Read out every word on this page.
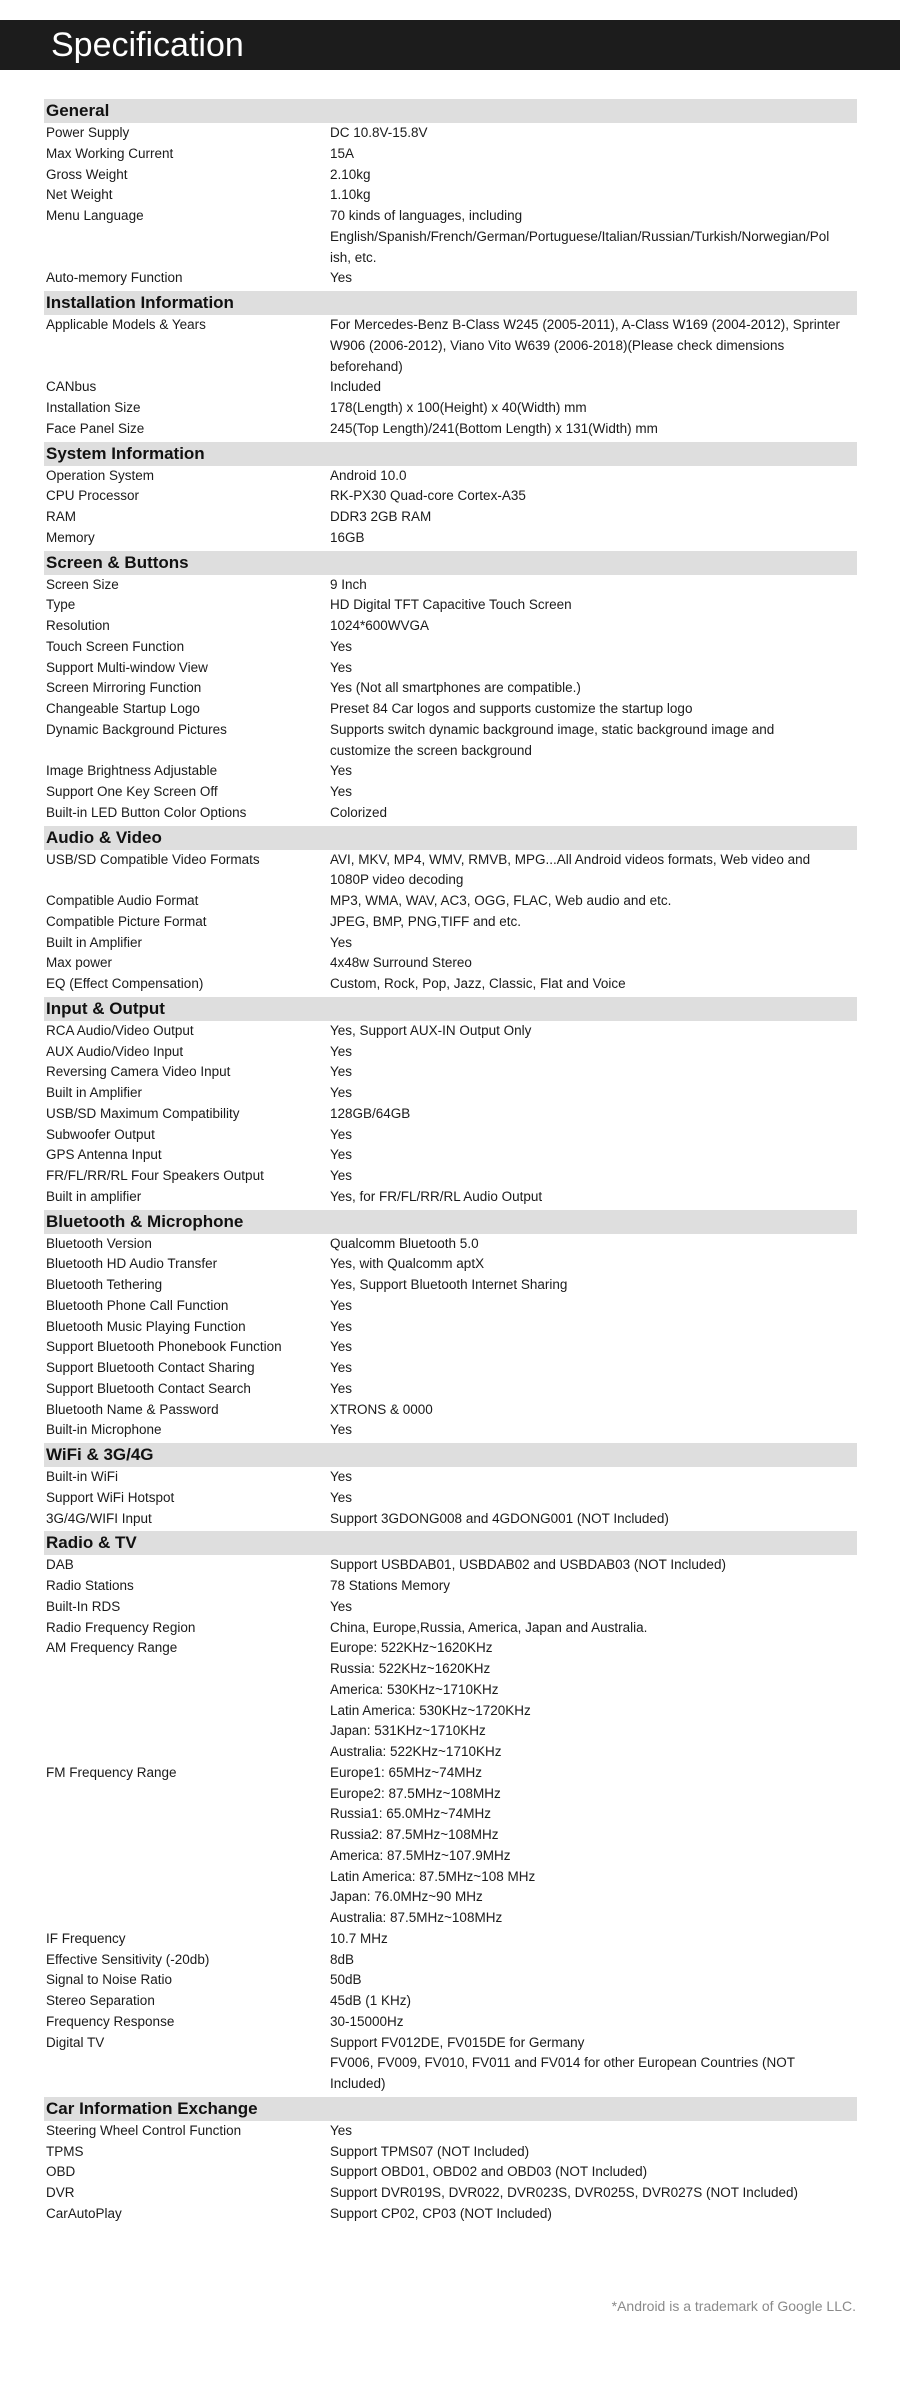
Specification
General
Power Supply	DC 10.8V-15.8V
Max Working Current	15A
Gross Weight	2.10kg
Net Weight	1.10kg
Menu Language	70 kinds of languages, including
English/Spanish/French/German/Portuguese/Italian/Russian/Turkish/Norwegian/Pol
ish, etc.
Auto-memory Function	Yes
Installation Information
Applicable Models & Years	For Mercedes-Benz B-Class W245 (2005-2011), A-Class W169 (2004-2012), Sprinter
W906 (2006-2012), Viano Vito W639 (2006-2018)(Please check dimensions
beforehand)
CANbus	Included
Installation Size	178(Length) x 100(Height) x 40(Width) mm
Face Panel Size	245(Top Length)/241(Bottom Length) x 131(Width) mm
System Information
Operation System	Android 10.0
CPU Processor	RK-PX30 Quad-core Cortex-A35
RAM	DDR3 2GB RAM
Memory	16GB
Screen & Buttons
Screen Size	9 Inch
Type	HD Digital TFT Capacitive Touch Screen
Resolution	1024*600WVGA
Touch Screen Function	Yes
Support Multi-window View	Yes
Screen Mirroring Function	Yes (Not all smartphones are compatible.)
Changeable Startup Logo	Preset 84 Car logos and supports customize the startup logo
Dynamic Background Pictures	Supports switch dynamic background image, static background image and
customize the screen background
Image Brightness Adjustable	Yes
Support One Key Screen Off	Yes
Built-in LED Button Color Options	Colorized
Audio & Video
USB/SD Compatible Video Formats	AVI, MKV, MP4, WMV, RMVB, MPG...All Android videos formats, Web video and
1080P video decoding
Compatible Audio Format	MP3, WMA, WAV, AC3, OGG, FLAC, Web audio and etc.
Compatible Picture Format	JPEG, BMP, PNG,TIFF and etc.
Built in Amplifier	Yes
Max power	4x48w Surround Stereo
EQ (Effect Compensation)	Custom, Rock, Pop, Jazz, Classic, Flat and Voice
Input & Output
RCA Audio/Video Output	Yes, Support AUX-IN Output Only
AUX Audio/Video Input	Yes
Reversing Camera Video Input	Yes
Built in Amplifier	Yes
USB/SD Maximum Compatibility	128GB/64GB
Subwoofer Output	Yes
GPS Antenna Input	Yes
FR/FL/RR/RL Four Speakers Output	Yes
Built in amplifier	Yes, for FR/FL/RR/RL Audio Output
Bluetooth & Microphone
Bluetooth Version	Qualcomm Bluetooth 5.0
Bluetooth HD Audio Transfer	Yes, with Qualcomm aptX
Bluetooth Tethering	Yes, Support Bluetooth Internet Sharing
Bluetooth Phone Call Function	Yes
Bluetooth Music Playing Function	Yes
Support Bluetooth Phonebook Function	Yes
Support Bluetooth Contact Sharing	Yes
Support Bluetooth Contact Search	Yes
Bluetooth Name & Password	XTRONS & 0000
Built-in Microphone	Yes
WiFi & 3G/4G
Built-in WiFi	Yes
Support WiFi Hotspot	Yes
3G/4G/WIFI Input	Support 3GDONG008 and 4GDONG001 (NOT Included)
Radio & TV
DAB	Support USBDAB01, USBDAB02 and USBDAB03 (NOT Included)
Radio Stations	78 Stations Memory
Built-In RDS	Yes
Radio Frequency Region	China, Europe,Russia, America, Japan and Australia.
AM Frequency Range	Europe: 522KHz~1620KHz
Russia: 522KHz~1620KHz
America: 530KHz~1710KHz
Latin America: 530KHz~1720KHz
Japan: 531KHz~1710KHz
Australia: 522KHz~1710KHz
FM Frequency Range	Europe1: 65MHz~74MHz
Europe2: 87.5MHz~108MHz
Russia1: 65.0MHz~74MHz
Russia2: 87.5MHz~108MHz
America: 87.5MHz~107.9MHz
Latin America: 87.5MHz~108 MHz
Japan: 76.0MHz~90 MHz
Australia: 87.5MHz~108MHz
IF Frequency	10.7 MHz
Effective Sensitivity (-20db)	8dB
Signal to Noise Ratio	50dB
Stereo Separation	45dB (1 KHz)
Frequency Response	30-15000Hz
Digital TV	Support FV012DE, FV015DE for Germany
FV006, FV009, FV010, FV011 and FV014 for other European Countries (NOT
Included)
Car Information Exchange
Steering Wheel Control Function	Yes
TPMS	Support TPMS07 (NOT Included)
OBD	Support OBD01, OBD02 and OBD03 (NOT Included)
DVR	Support DVR019S, DVR022, DVR023S, DVR025S, DVR027S (NOT Included)
CarAutoPlay	Support CP02, CP03 (NOT Included)
*Android is a trademark of Google LLC.
